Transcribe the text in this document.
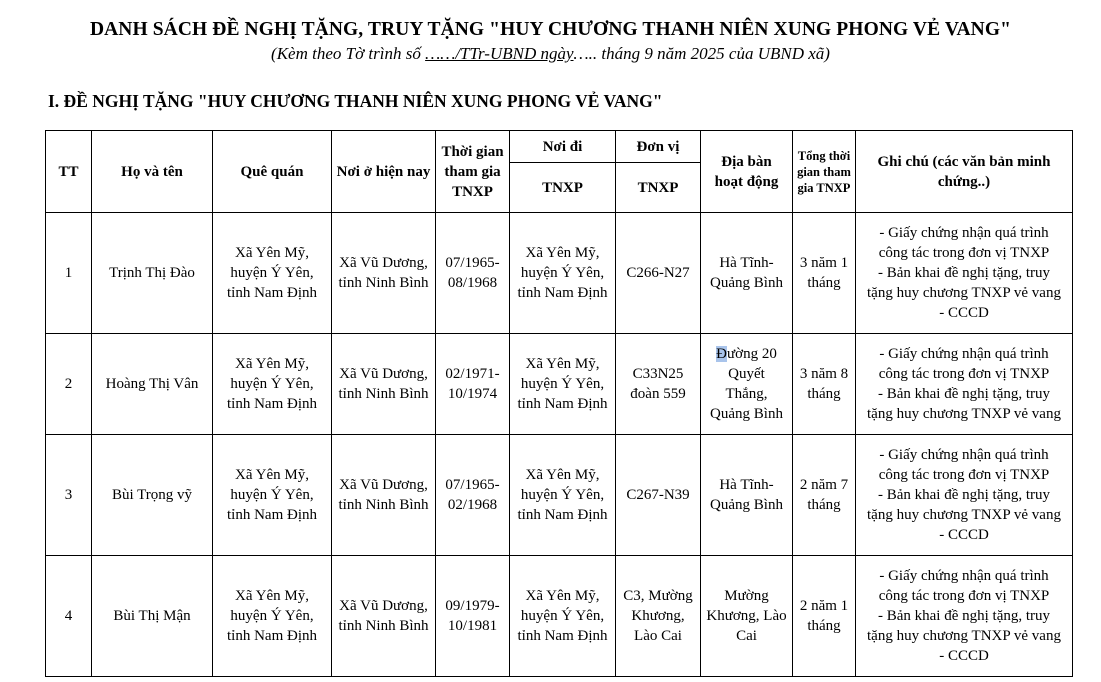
DANH SÁCH ĐỀ NGHỊ TẶNG, TRUY TẶNG "HUY CHƯƠNG THANH NIÊN XUNG PHONG VẺ VANG"
(Kèm theo Tờ trình số ……/TTr-UBND ngày….. tháng 9 năm 2025 của UBND xã)
I. ĐỀ NGHỊ TẶNG "HUY CHƯƠNG THANH NIÊN XUNG PHONG VẺ VANG"
TT	Họ và tên	Quê quán	Nơi ở hiện nay	Thời gian
tham gia
TNXP	Nơi đi	Đơn vị	Địa bàn
hoạt động	Tổng thời
gian tham
gia TNXP	Ghi chú (các văn bản minh
chứng..)

					TNXP	TNXP			
1	Trịnh Thị Đào	Xã Yên Mỹ,
huyện Ý Yên,
tỉnh Nam Định	Xã Vũ Dương,
tỉnh Ninh Bình	07/1965-
08/1968	Xã Yên Mỹ,
huyện Ý Yên,
tỉnh Nam Định	C266-N27	Hà Tĩnh-
Quảng Bình	3 năm 1
tháng	- Giấy chứng nhận quá trình
công tác trong đơn vị TNXP
- Bản khai đề nghị tặng, truy
tặng huy chương TNXP vẻ vang
- CCCD

2	Hoàng Thị Vân	Xã Yên Mỹ,
huyện Ý Yên,
tỉnh Nam Định	Xã Vũ Dương,
tỉnh Ninh Bình	02/1971-
10/1974	Xã Yên Mỹ,
huyện Ý Yên,
tỉnh Nam Định	C33N25
đoàn 559	Đường 20
Quyết
Thắng,
Quảng Bình	3 năm 8
tháng	- Giấy chứng nhận quá trình
công tác trong đơn vị TNXP
- Bản khai đề nghị tặng, truy
tặng huy chương TNXP vẻ vang

3	Bùi Trọng vỹ	Xã Yên Mỹ,
huyện Ý Yên,
tỉnh Nam Định	Xã Vũ Dương,
tỉnh Ninh Bình	07/1965-
02/1968	Xã Yên Mỹ,
huyện Ý Yên,
tỉnh Nam Định	C267-N39	Hà Tĩnh-
Quảng Bình	2 năm 7
tháng	- Giấy chứng nhận quá trình
công tác trong đơn vị TNXP
- Bản khai đề nghị tặng, truy
tặng huy chương TNXP vẻ vang
- CCCD

4	Bùi Thị Mận	Xã Yên Mỹ,
huyện Ý Yên,
tỉnh Nam Định	Xã Vũ Dương,
tỉnh Ninh Bình	09/1979-
10/1981	Xã Yên Mỹ,
huyện Ý Yên,
tỉnh Nam Định	C3, Mường
Khương,
Lào Cai	Mường
Khương, Lào
Cai	2 năm 1
tháng	- Giấy chứng nhận quá trình
công tác trong đơn vị TNXP
- Bản khai đề nghị tặng, truy
tặng huy chương TNXP vẻ vang
- CCCD
